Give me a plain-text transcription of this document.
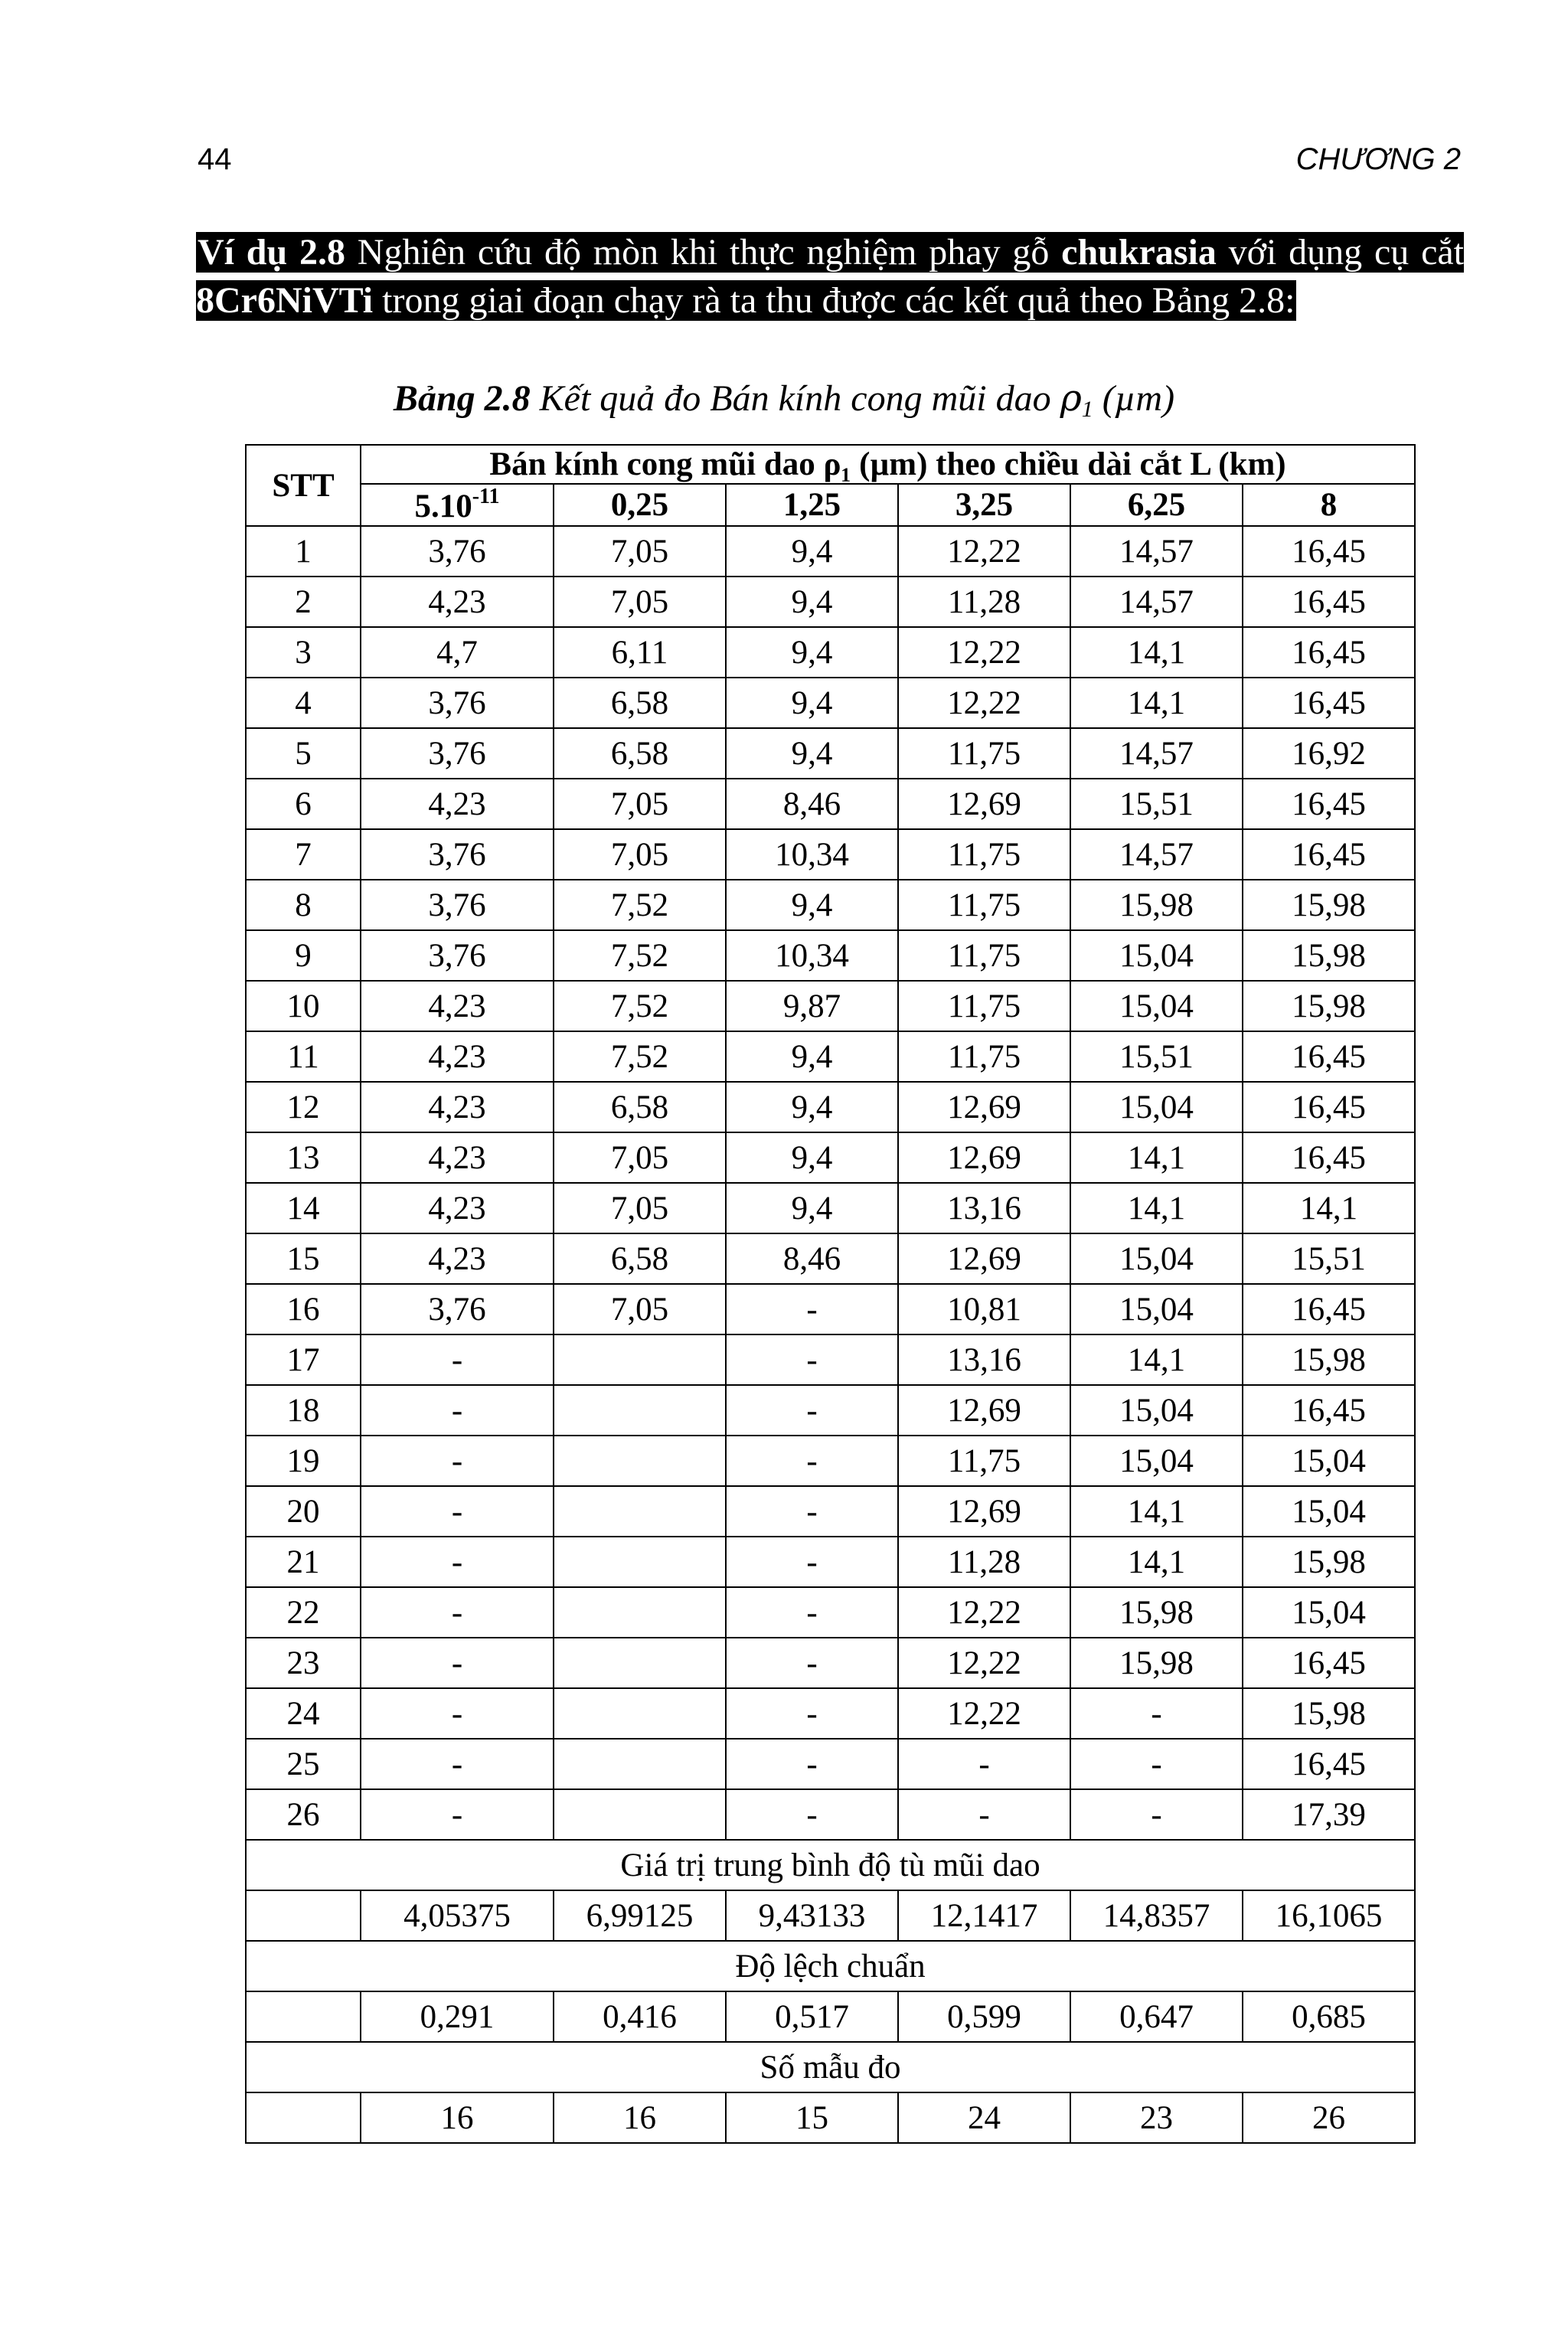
44	CHƯƠNG 2
Ví dụ 2.8 Nghiên cứu độ mòn khi thực nghiệm phay gỗ chukrasia với dụng cụ cắt 8Cr6NiVTi trong giai đoạn chạy rà ta thu được các kết quả theo Bảng 2.8:
Bảng 2.8 Kết quả đo Bán kính cong mũi dao $\rho_1$ (µm)
STT	Bán kính cong mũi dao ρ₁ (µm) theo chiều dài cắt L (km)					
	$5.10^{-11}$	0,25	1,25	3,25	6,25	8
1	3,76	7,05	9,4	12,22	14,57	16,45
2	4,23	7,05	9,4	11,28	14,57	16,45
3	4,7	6,11	9,4	12,22	14,1	16,45
4	3,76	6,58	9,4	12,22	14,1	16,45
5	3,76	6,58	9,4	11,75	14,57	16,92
6	4,23	7,05	8,46	12,69	15,51	16,45
7	3,76	7,05	10,34	11,75	14,57	16,45
8	3,76	7,52	9,4	11,75	15,98	15,98
9	3,76	7,52	10,34	11,75	15,04	15,98
10	4,23	7,52	9,87	11,75	15,04	15,98
11	4,23	7,52	9,4	11,75	15,51	16,45
12	4,23	6,58	9,4	12,69	15,04	16,45
13	4,23	7,05	9,4	12,69	14,1	16,45
14	4,23	7,05	9,4	13,16	14,1	14,1
15	4,23	6,58	8,46	12,69	15,04	15,51
16	3,76	7,05	-	10,81	15,04	16,45
17	-		-	13,16	14,1	15,98
18	-		-	12,69	15,04	16,45
19	-		-	11,75	15,04	15,04
20	-		-	12,69	14,1	15,04
21	-		-	11,28	14,1	15,98
22	-		-	12,22	15,98	15,04
23	-		-	12,22	15,98	16,45
24	-		-	12,22	-	15,98
25	-		-	-	-	16,45
26	-		-	-	-	17,39
Giá trị trung bình độ tù mũi dao						
	4,05375	6,99125	9,43133	12,1417	14,8357	16,1065
Độ lệch chuẩn						
	0,291	0,416	0,517	0,599	0,647	0,685
Số mẫu đo						
	16	16	15	24	23	26
